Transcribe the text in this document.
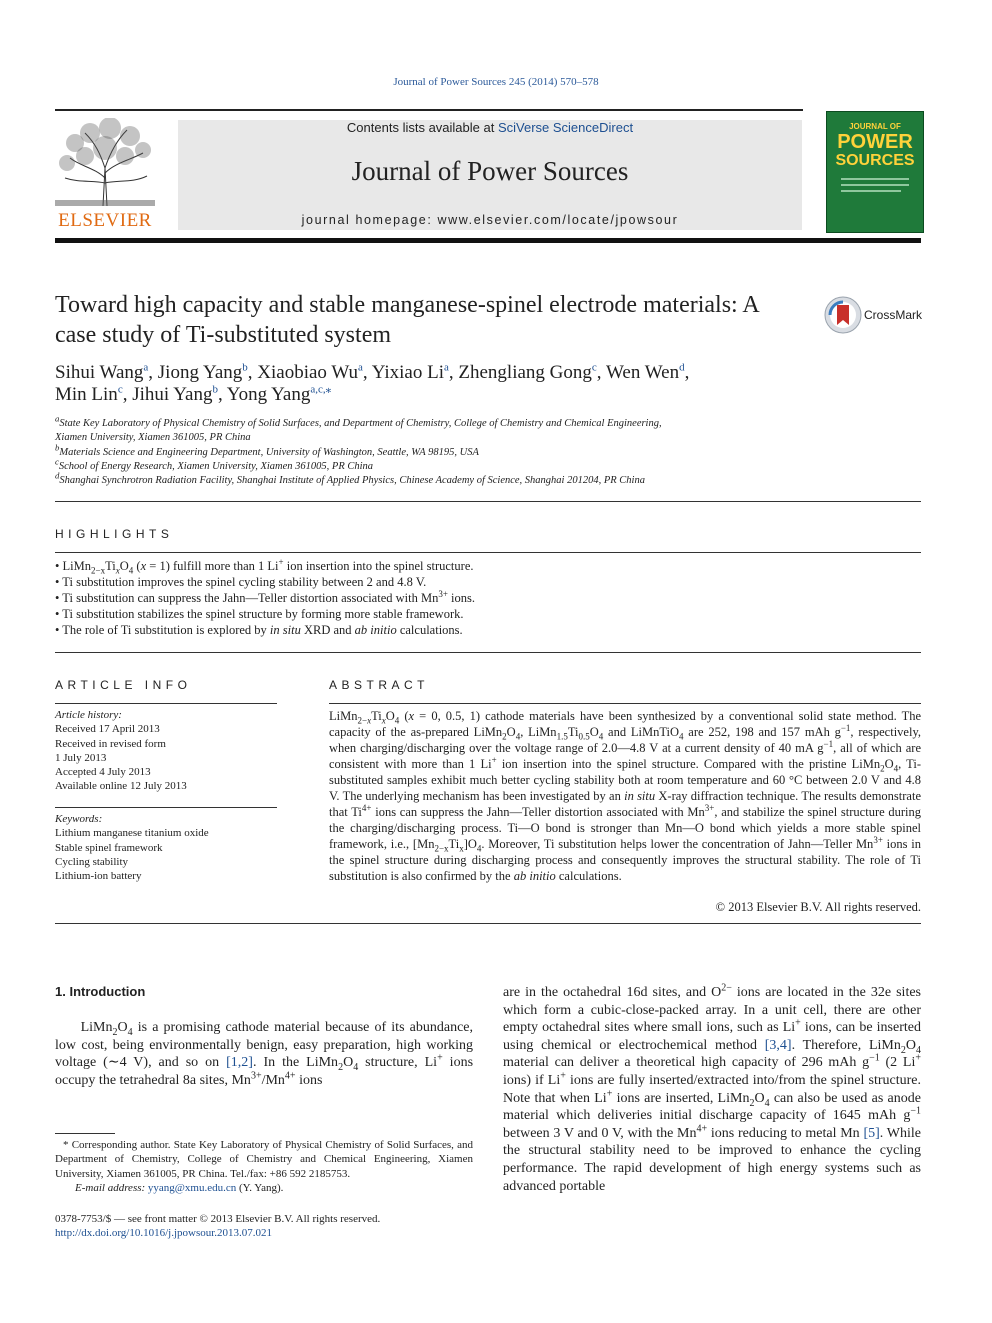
Journal of Power Sources 245 (2014) 570–578
ELSEVIER
Contents lists available at SciVerse ScienceDirect
Journal of Power Sources
journal homepage: www.elsevier.com/locate/jpowsour
JOURNAL OF
POWER
SOURCES
Toward high capacity and stable manganese-spinel electrode materials: A case study of Ti-substituted system
CrossMark
Sihui Wang$^a$, Jiong Yang$^b$, Xiaobiao Wu$^a$, Yixiao Li$^a$, Zhengliang Gong$^c$, Wen Wen$^d$,
Min Lin$^c$, Jihui Yang$^b$, Yong Yang$^{a,c,⁎}$
$^a$State Key Laboratory of Physical Chemistry of Solid Surfaces, and Department of Chemistry, College of Chemistry and Chemical Engineering,
Xiamen University, Xiamen 361005, PR China
$^b$Materials Science and Engineering Department, University of Washington, Seattle, WA 98195, USA
$^c$School of Energy Research, Xiamen University, Xiamen 361005, PR China
$^d$Shanghai Synchrotron Radiation Facility, Shanghai Institute of Applied Physics, Chinese Academy of Science, Shanghai 201204, PR China
HIGHLIGHTS
• $LiMn_{2-x}Ti_xO_4$ (x = 1) fulfill more than 1 Li+ ion insertion into the spinel structure.
• Ti substitution improves the spinel cycling stability between 2 and 4.8 V.
• Ti substitution can suppress the Jahn—Teller distortion associated with $Mn^{3+}$ ions.
• Ti substitution stabilizes the spinel structure by forming more stable framework.
• The role of Ti substitution is explored by in situ XRD and ab initio calculations.
ARTICLE INFO
Article history:
Received 17 April 2013
Received in revised form
1 July 2013
Accepted 4 July 2013
Available online 12 July 2013
Keywords:
Lithium manganese titanium oxide
Stable spinel framework
Cycling stability
Lithium-ion battery
ABSTRACT
$LiMn_{2-x}Ti_xO_4$ (x = 0, 0.5, 1) cathode materials have been synthesized by a conventional solid state method. The capacity of the as-prepared $LiMn_2O_4$, $LiMn_{1.5}Ti_{0.5}O_4$ and LiMnTiO$_4$ are 252, 198 and 157 mAh $g^{-1}$, respectively, when charging/discharging over the voltage range of 2.0—4.8 V at a current density of 40 mA $g^{-1}$, all of which are consistent with more than 1 Li+ ion insertion into the spinel structure. Compared with the pristine $LiMn_2O_4$, Ti-substituted samples exhibit much better cycling stability both at room temperature and 60 °C between 2.0 V and 4.8 V. The underlying mechanism has been investigated by an in situ X-ray diffraction technique. The results demonstrate that $Ti^{4+}$ ions can suppress the Jahn—Teller distortion associated with $Mn^{3+}$, and stabilize the spinel structure during the charging/discharging process. Ti—O bond is stronger than Mn—O bond which yields a more stable spinel framework, i.e., $[Mn_{2-x}Ti_x]O_4$. Moreover, Ti substitution helps lower the concentration of Jahn—Teller $Mn^{3+}$ ions in the spinel structure during discharging process and consequently improves the structural stability. The role of Ti substitution is also confirmed by the ab initio calculations.
© 2013 Elsevier B.V. All rights reserved.
1. Introduction
$LiMn_2O_4$ is a promising cathode material because of its abundance, low cost, being environmentally benign, easy preparation, high working voltage (∼4 V), and so on [1,2]. In the $LiMn_2O_4$ structure, Li+ ions occupy the tetrahedral 8a sites, $Mn^{3+}/Mn^{4+}$ ions
are in the octahedral 16d sites, and $O^{2-}$ ions are located in the 32e sites which form a cubic-close-packed array. In a unit cell, there are other empty octahedral sites where small ions, such as Li+ ions, can be inserted using chemical or electrochemical method [3,4]. Therefore, $LiMn_2O_4$ material can deliver a theoretical high capacity of 296 mAh $g^{-1}$ (2 Li+ ions) if Li+ ions are fully inserted/extracted into/from the spinel structure. Note that when Li+ ions are inserted, $LiMn_2O_4$ can also be used as anode material which deliveries initial discharge capacity of 1645 mAh $g^{-1}$ between 3 V and 0 V, with the $Mn^{4+}$ ions reducing to metal Mn [5]. While the structural stability need to be improved to enhance the cycling performance. The rapid development of high energy systems such as advanced portable
* Corresponding author. State Key Laboratory of Physical Chemistry of Solid Surfaces, and Department of Chemistry, College of Chemistry and Chemical Engineering, Xiamen University, Xiamen 361005, PR China. Tel./fax: +86 592 2185753.
E-mail address: yyang@xmu.edu.cn (Y. Yang).
0378-7753/$ — see front matter © 2013 Elsevier B.V. All rights reserved.
http://dx.doi.org/10.1016/j.jpowsour.2013.07.021
